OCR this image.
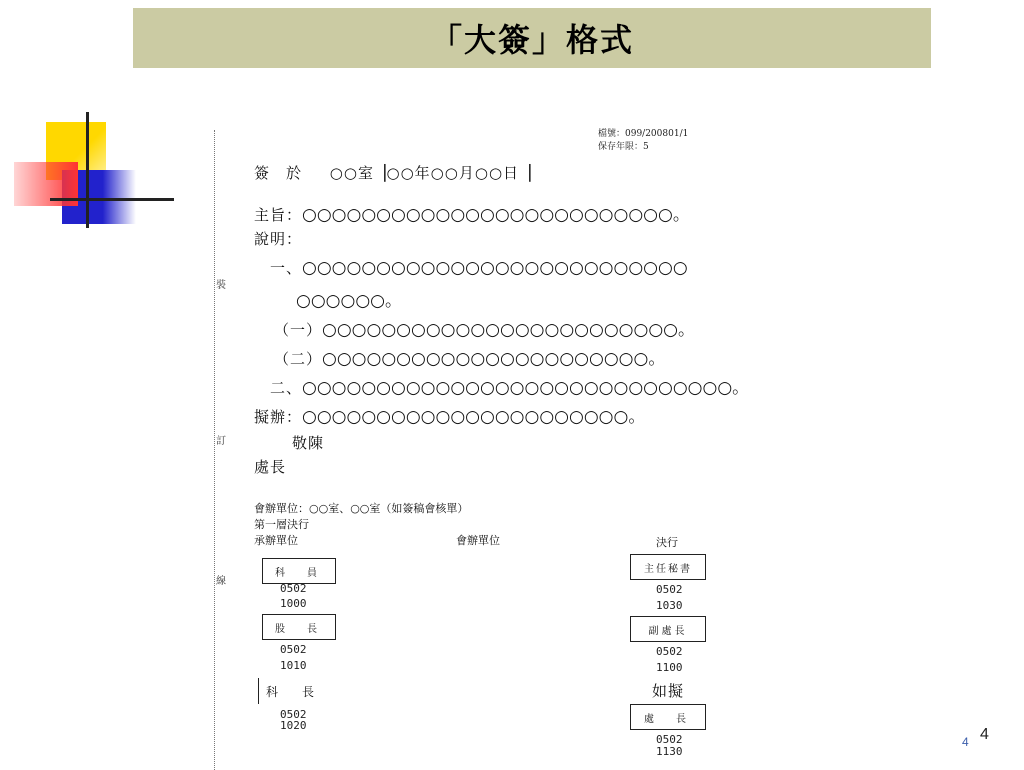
「大簽」格式
裝
訂
線
檔號：099/200801/1
保存年限：5
簽　於 ○○室▕○○年○○月○○日▕
主旨：○○○○○○○○○○○○○○○○○○○○○○○○○。
說明：
一、○○○○○○○○○○○○○○○○○○○○○○○○○○
○○○○○○。
（一）○○○○○○○○○○○○○○○○○○○○○○○○。
（二）○○○○○○○○○○○○○○○○○○○○○○。
二、○○○○○○○○○○○○○○○○○○○○○○○○○○○○○。
擬辦：○○○○○○○○○○○○○○○○○○○○○○。
敬陳
處長
會辦單位：○○室、○○室（如簽稿會核單）
第一層決行
承辦單位	會辦單位	決行
科　員
0502
1000
股　長
0502
1010
科　長
0502
1020
主任秘書
0502
1030
副處長
0502
1100
如擬
處　長
0502
1130
4 4
